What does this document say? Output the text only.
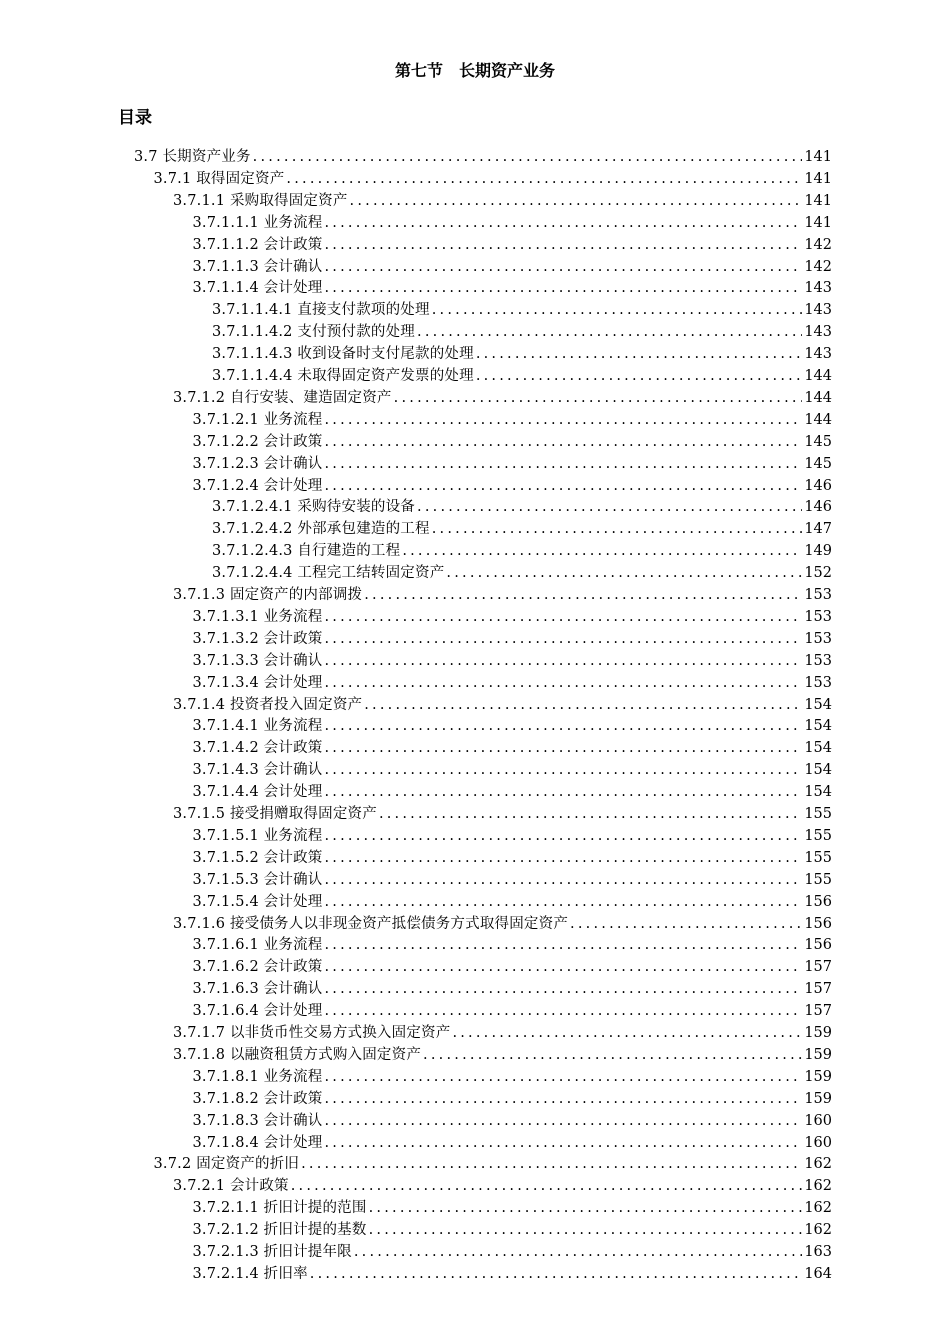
第七节　长期资产业务
目录
3.7 长期资产业务 .....	141
3.7.1 取得固定资产 .....	141
3.7.1.1 采购取得固定资产 .....	141
3.7.1.1.1 业务流程 .....	141
3.7.1.1.2 会计政策 .....	142
3.7.1.1.3 会计确认 .....	142
3.7.1.1.4 会计处理 .....	143
3.7.1.1.4.1 直接支付款项的处理 .....	143
3.7.1.1.4.2 支付预付款的处理 .....	143
3.7.1.1.4.3 收到设备时支付尾款的处理 .....	143
3.7.1.1.4.4 未取得固定资产发票的处理 .....	144
3.7.1.2 自行安装、建造固定资产 .....	144
3.7.1.2.1 业务流程 .....	144
3.7.1.2.2 会计政策 .....	145
3.7.1.2.3 会计确认 .....	145
3.7.1.2.4 会计处理 .....	146
3.7.1.2.4.1 采购待安装的设备 .....	146
3.7.1.2.4.2 外部承包建造的工程 .....	147
3.7.1.2.4.3 自行建造的工程 .....	149
3.7.1.2.4.4 工程完工结转固定资产 .....	152
3.7.1.3 固定资产的内部调拨 .....	153
3.7.1.3.1 业务流程 .....	153
3.7.1.3.2 会计政策 .....	153
3.7.1.3.3 会计确认 .....	153
3.7.1.3.4 会计处理 .....	153
3.7.1.4 投资者投入固定资产 .....	154
3.7.1.4.1 业务流程 .....	154
3.7.1.4.2 会计政策 .....	154
3.7.1.4.3 会计确认 .....	154
3.7.1.4.4 会计处理 .....	154
3.7.1.5 接受捐赠取得固定资产 .....	155
3.7.1.5.1 业务流程 .....	155
3.7.1.5.2 会计政策 .....	155
3.7.1.5.3 会计确认 .....	155
3.7.1.5.4 会计处理 .....	156
3.7.1.6 接受债务人以非现金资产抵偿债务方式取得固定资产 .....	156
3.7.1.6.1 业务流程 .....	156
3.7.1.6.2 会计政策 .....	157
3.7.1.6.3 会计确认 .....	157
3.7.1.6.4 会计处理 .....	157
3.7.1.7 以非货币性交易方式换入固定资产 .....	159
3.7.1.8 以融资租赁方式购入固定资产 .....	159
3.7.1.8.1 业务流程 .....	159
3.7.1.8.2 会计政策 .....	159
3.7.1.8.3 会计确认 .....	160
3.7.1.8.4 会计处理 .....	160
3.7.2 固定资产的折旧 .....	162
3.7.2.1 会计政策 .....	162
3.7.2.1.1 折旧计提的范围 .....	162
3.7.2.1.2 折旧计提的基数 .....	162
3.7.2.1.3 折旧计提年限 .....	163
3.7.2.1.4 折旧率 .....	164
